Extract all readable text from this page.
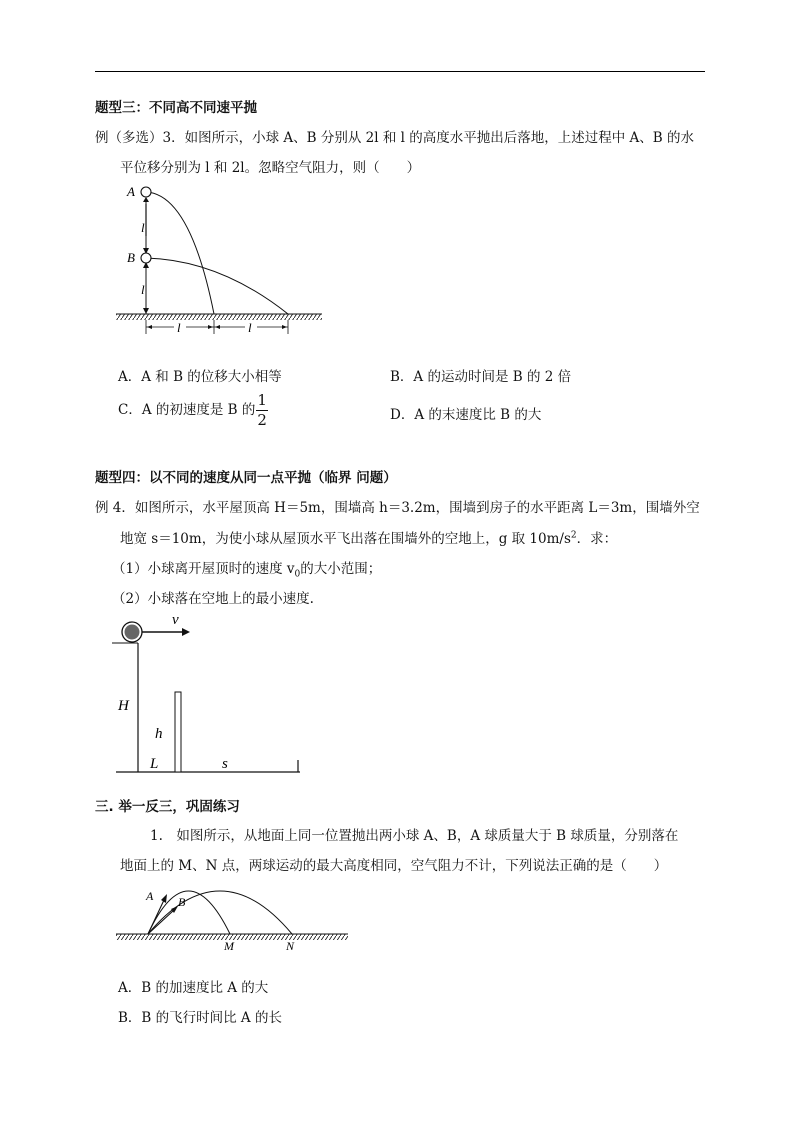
题型三：不同高不同速平抛
例（多选）3．如图所示，小球 A、B 分别从 2l 和 l 的高度水平抛出后落地，上述过程中 A、B 的水
平位移分别为 l 和 2l。忽略空气阻力，则（　　）
A
B
l
l
l	l
A．A 和 B 的位移大小相等	B．A 的运动时间是 B 的 2 倍
C．A 的初速度是 B 的 $\frac{1}{2}$	D．A 的末速度比 B 的大
题型四：以不同的速度从同一点平抛（临界 问题）
例 4．如图所示，水平屋顶高 H＝5m，围墙高 h＝3.2m，围墙到房子的水平距离 L＝3m，围墙外空
地宽 s＝10m，为使小球从屋顶水平飞出落在围墙外的空地上，g 取 $10m/s^2$．求：
（1）小球离开屋顶时的速度 $v_0$的大小范围；
（2）小球落在空地上的最小速度.
v
H
h
L	s
三. 举一反三，巩固练习
1.　如图所示，从地面上同一位置抛出两小球 A、B，A 球质量大于 B 球质量，分别落在
地面上的 M、N 点，两球运动的最大高度相同，空气阻力不计，下列说法正确的是（　　）
A B
M	N
A．B 的加速度比 A 的大
B．B 的飞行时间比 A 的长
